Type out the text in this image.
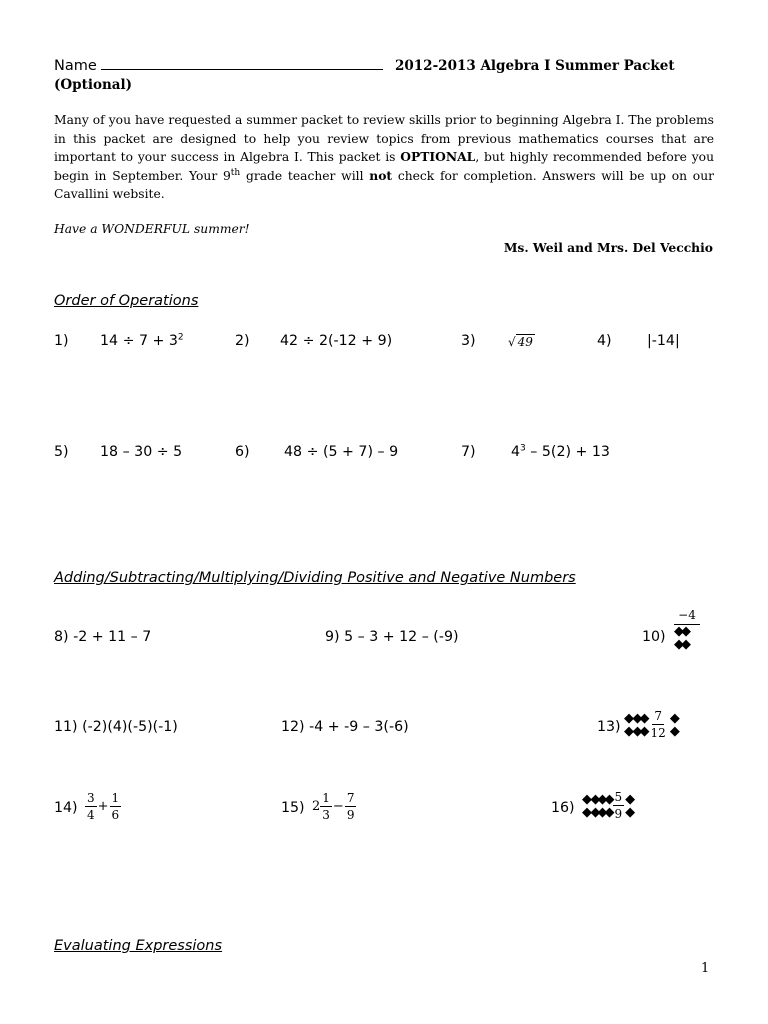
Name	2012-2013 Algebra I Summer Packet
(Optional)
Many of you have requested a summer packet to review skills prior to beginning Algebra I. The problems in this packet are designed to help you review topics from previous mathematics courses that are important to your success in Algebra I. This packet is OPTIONAL, but highly recommended before you begin in September. Your 9th grade teacher will not check for completion. Answers will be up on our Cavallini website.
Have a WONDERFUL summer!
Ms. Weil and Mrs. Del Vecchio
Order of Operations
1) $14 \div 7 + 3^2$	2) 42 ÷ 2(-12 + 9)	3)	√ 49	4) |-14|
5) 18 – 30 ÷ 5	6) 48 ÷ (5 + 7) – 9	7) $4^3 - 5(2) + 13$
Adding/Subtracting/Multiplying/Dividing Positive and Negative Numbers
8) -2 + 11 – 7	9) 5 – 3 + 12 – (-9)	10)
−4
◆◆
◆◆
11) (-2)(4)(-5)(-1)	12) -4 + -9 – 3(-6)	13)
◆ ◆◆
◆ ◆◆ $\frac{7}{12}$ ◆
◆
$14) \frac{3}{4} + \frac{1}{6}$	15) $2 \frac{1}{3} - \frac{7}{9}$	16)
◆ ◆◆◆
◆ ◆◆◆ $\frac{5}{9}$ ◆
◆
Evaluating Expressions
1
